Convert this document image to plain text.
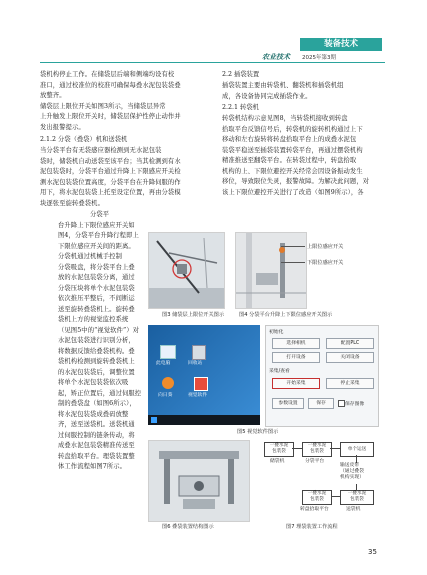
装备技术
农业技术 2025年第3期
袋机构停止工作。在储袋层后端和侧端均设有校
准口，通过校准位的校准可确保每叠水泥包装袋叠
放整齐。
储袋层上限位开关如图3所示，当储袋层异常
上升触发上限位开关时，储袋层保护性停止动作并
发出报警提示。
2.1.2 分袋（叠袋）机和送袋机
当分袋平台有无袋感应器检测到无水泥包装
袋时，储袋机自动送袋至该平台；当其检测到有水
泥包装袋时，分袋平台通过升降上下限感应开关检
测水泥包装袋位置高度，分袋平台在升降伺服的作
用下，将水泥包装袋上托至设定位置，再由分袋模
块逐张至旋转叠袋机。
分袋平
台升降上下限位感应开关如
图4，分袋平台升降行程即上
下限位感应开关间的距离。
分袋机通过机械手控制
分袋吸盘，将分袋平台上叠
放的水泥包装袋分离，通过
分袋压块将单个水泥包装袋
依次推压平整后，不间断运
送至旋转叠袋机上。旋转叠
袋机上方的视觉监控系统
（见图5中的“视觉软件”）对
水泥包装袋进行识别分析，
将数据反馈给叠袋机构。叠
袋机构检测到旋转叠袋机上
的水泥包装袋后，调整位置
将单个水泥包装袋依次吸
起，矫正位置后，通过伺服控
制的叠袋盘（如图6所示），
将水泥包装袋成叠码放整
齐，送至送袋机。送袋机通
过伺服控制的链条传动，将
成叠水泥包装袋精准传送至
转盘拾取平台。理袋装置整
体工作流程如图7所示。
2.2 插袋装置
插袋装置主要由转袋机、翻袋机和插袋机组
成，各设备协同完成插袋作业。
2.2.1 转袋机
转袋机结构示意见图8，当转袋机接收到转盘
拾取平台反馈信号后，转袋机的旋转机构通过上下
移动和左右旋转将转盘拾取平台上的成叠水泥包
装袋平稳送至插袋装置转袋平台，再通过摆袋机构
精准推送至翻袋平台。在转袋过程中，转盘拾取
机构的上、下限位避控开关经常会因设备振动发生
移位，导致限位失灵，报警故障。为解决此问题，对
该上下限位避控开关进行了改造（如图9所示），各
图3 储袋层上限位开关图示
上限位感应开关
下限位感应开关
图4 分袋平台升降上下限位感应开关图示
此电脑	回收站
向日葵	视觉软件
初始化
选择相机	配置PLC
打开设备	关闭设备
采集/查看
开始采集	停止采集
参数设置	保存	保存图像
图5 视觉软件图示
图6 叠袋装置结构图示
一叠水泥
包装袋
储袋机
一叠水泥
包装袋
分袋平台
单个运送
输送皮带
（通过叠袋
机构实现）
一叠水泥
包装袋
送袋机
一叠水泥
包装袋
转盘拾取平台
图7 理袋装置工作流程
35
